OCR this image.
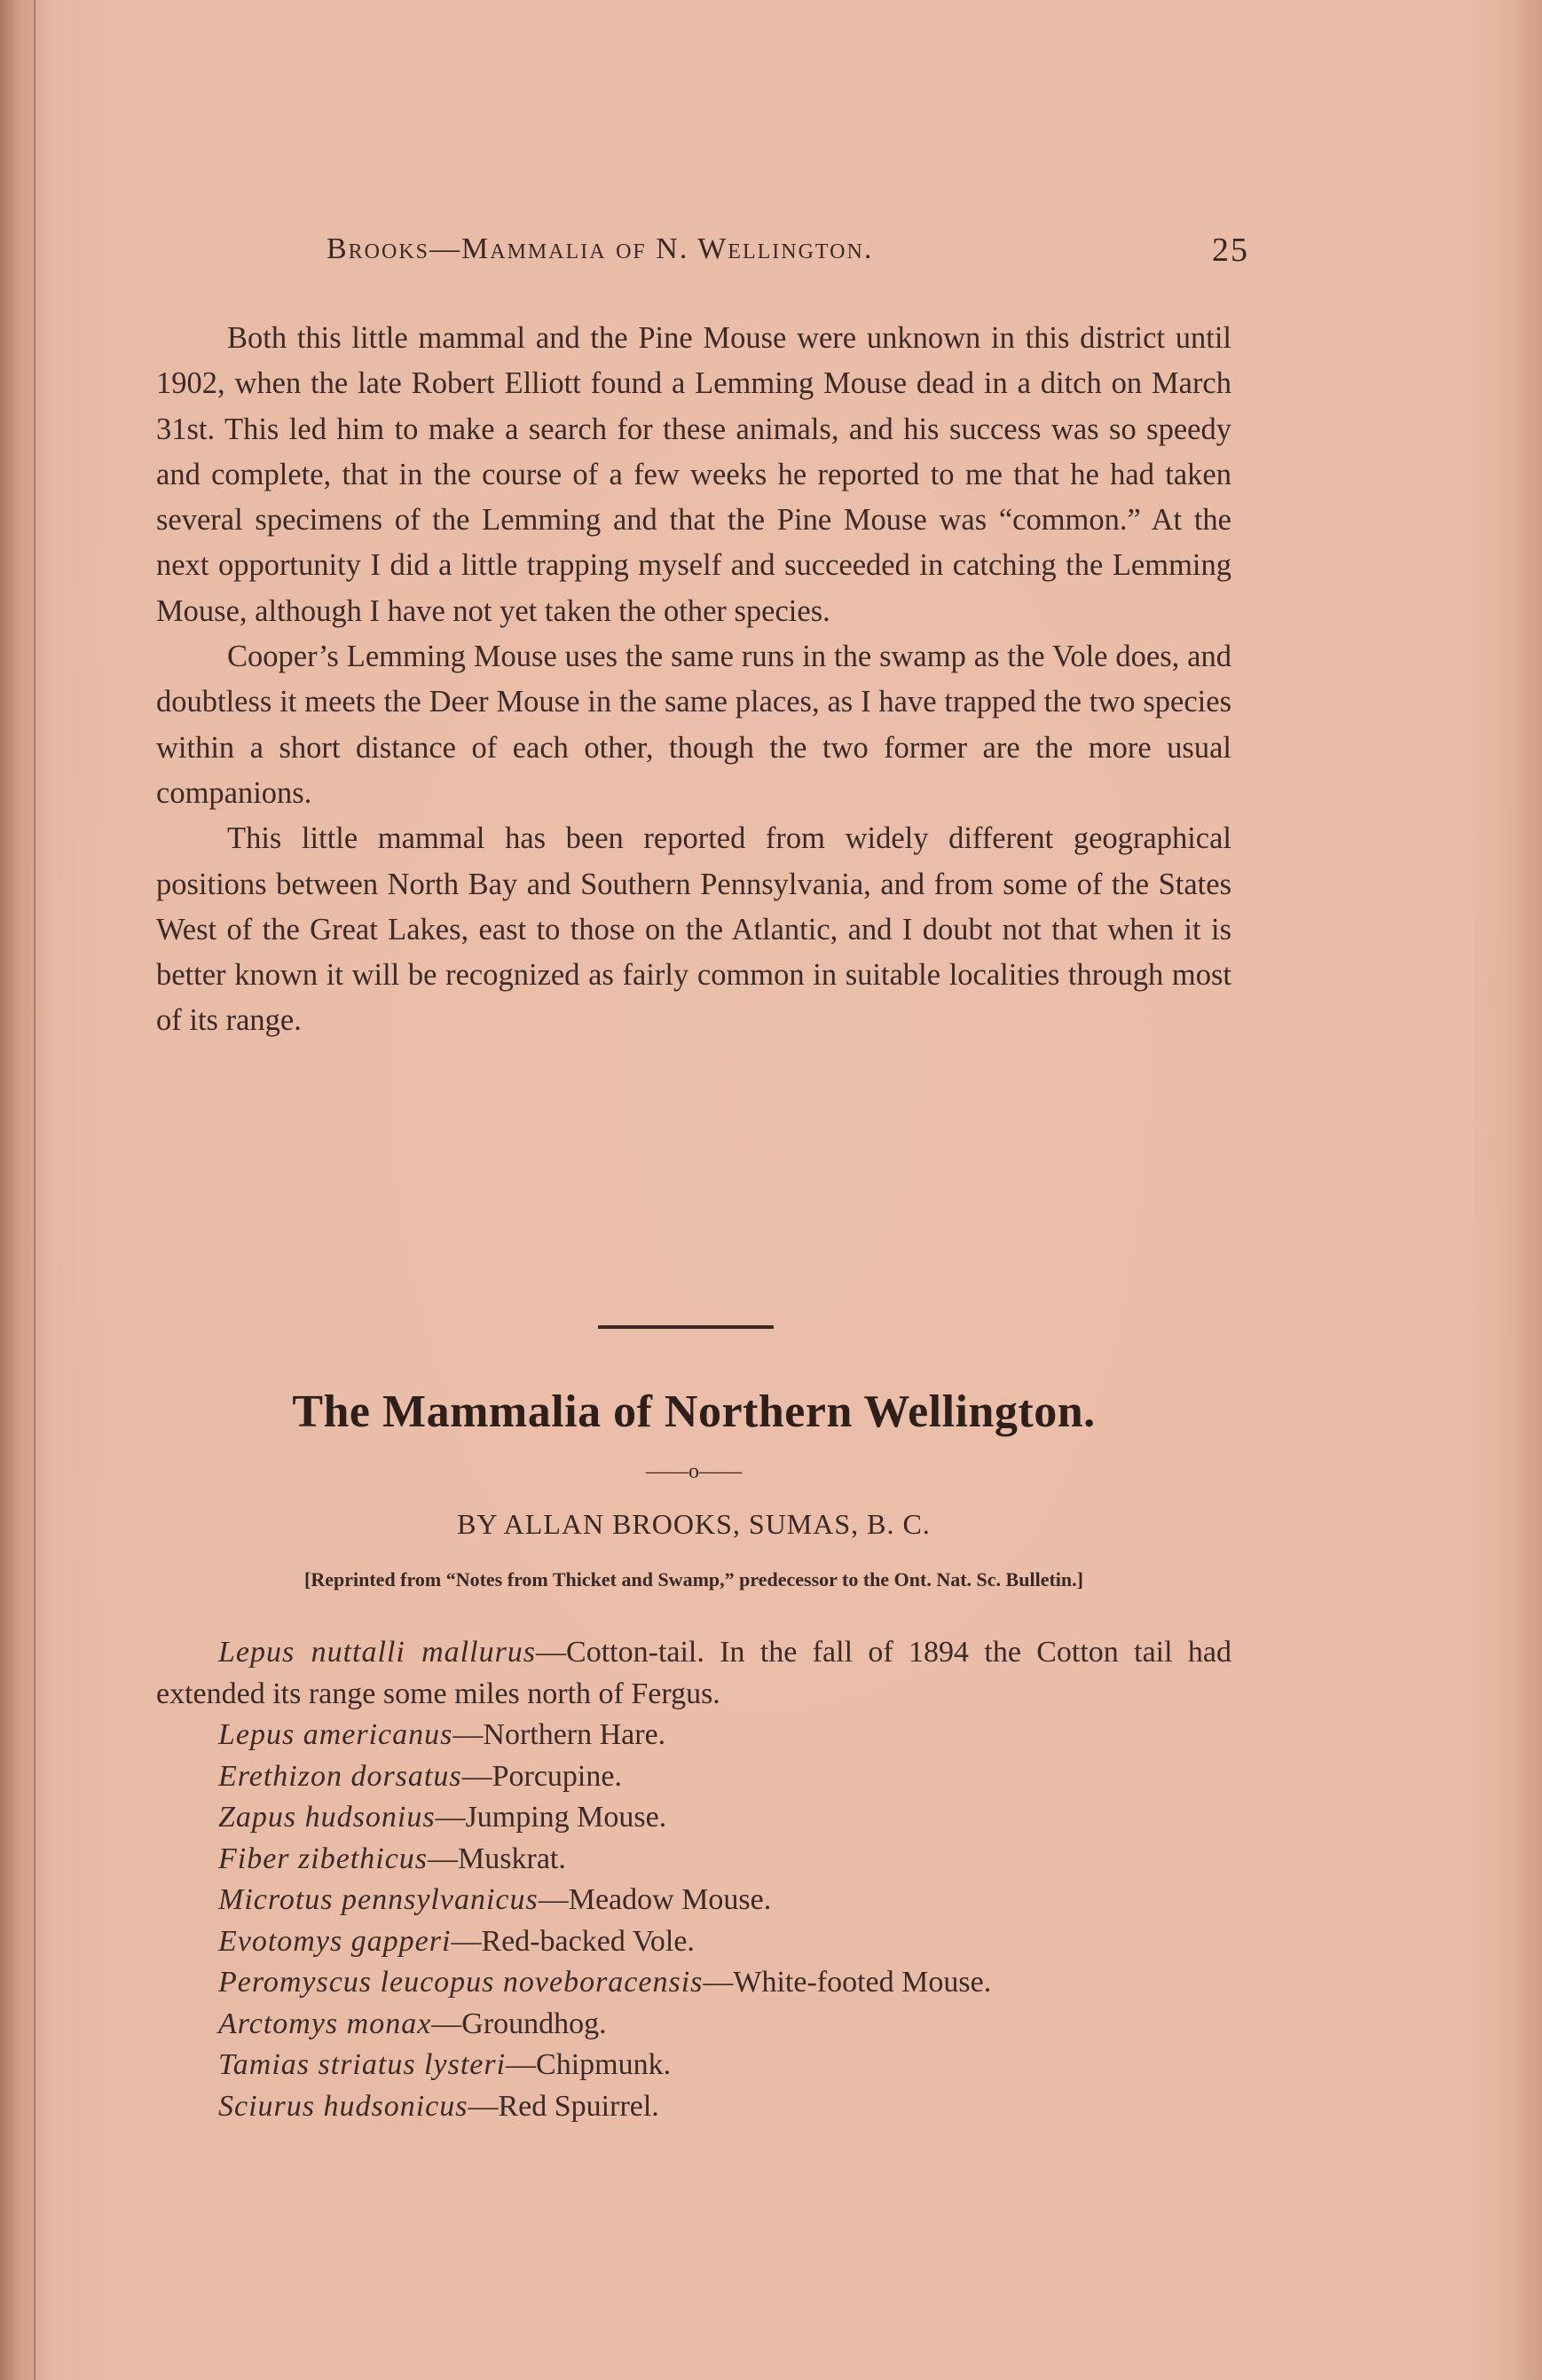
Brooks—Mammalia of N. Wellington.	25

Both this little mammal and the Pine Mouse were unknown in this district until 1902, when the late Robert Elliott found a Lemming Mouse dead in a ditch on March 31st. This led him to make a search for these animals, and his success was so speedy and complete, that in the course of a few weeks he reported to me that he had taken several specimens of the Lemming and that the Pine Mouse was “common.” At the next opportunity I did a little trapping myself and succeeded in catching the Lemming Mouse, although I have not yet taken the other species.

Cooper’s Lemming Mouse uses the same runs in the swamp as the Vole does, and doubtless it meets the Deer Mouse in the same places, as I have trapped the two species within a short distance of each other, though the two former are the more usual companions.

This little mammal has been reported from widely different geographical positions between North Bay and Southern Pennsylvania, and from some of the States West of the Great Lakes, east to those on the Atlantic, and I doubt not that when it is better known it will be recognized as fairly common in suitable localities through most of its range.

The Mammalia of Northern Wellington.
——o——
BY ALLAN BROOKS, SUMAS, B. C.
[Reprinted from “Notes from Thicket and Swamp,” predecessor to the Ont. Nat. Sc. Bulletin.]
Lepus nuttalli mallurus—Cotton-tail. In the fall of 1894 the Cotton tail had extended its range some miles north of Fergus.
Lepus americanus—Northern Hare.
Erethizon dorsatus—Porcupine.
Zapus hudsonius—Jumping Mouse.
Fiber zibethicus—Muskrat.
Microtus pennsylvanicus—Meadow Mouse.
Evotomys gapperi—Red-backed Vole.
Peromyscus leucopus noveboracensis—White-footed Mouse.
Arctomys monax—Groundhog.
Tamias striatus lysteri—Chipmunk.
Sciurus hudsonicus—Red Spuirrel.
